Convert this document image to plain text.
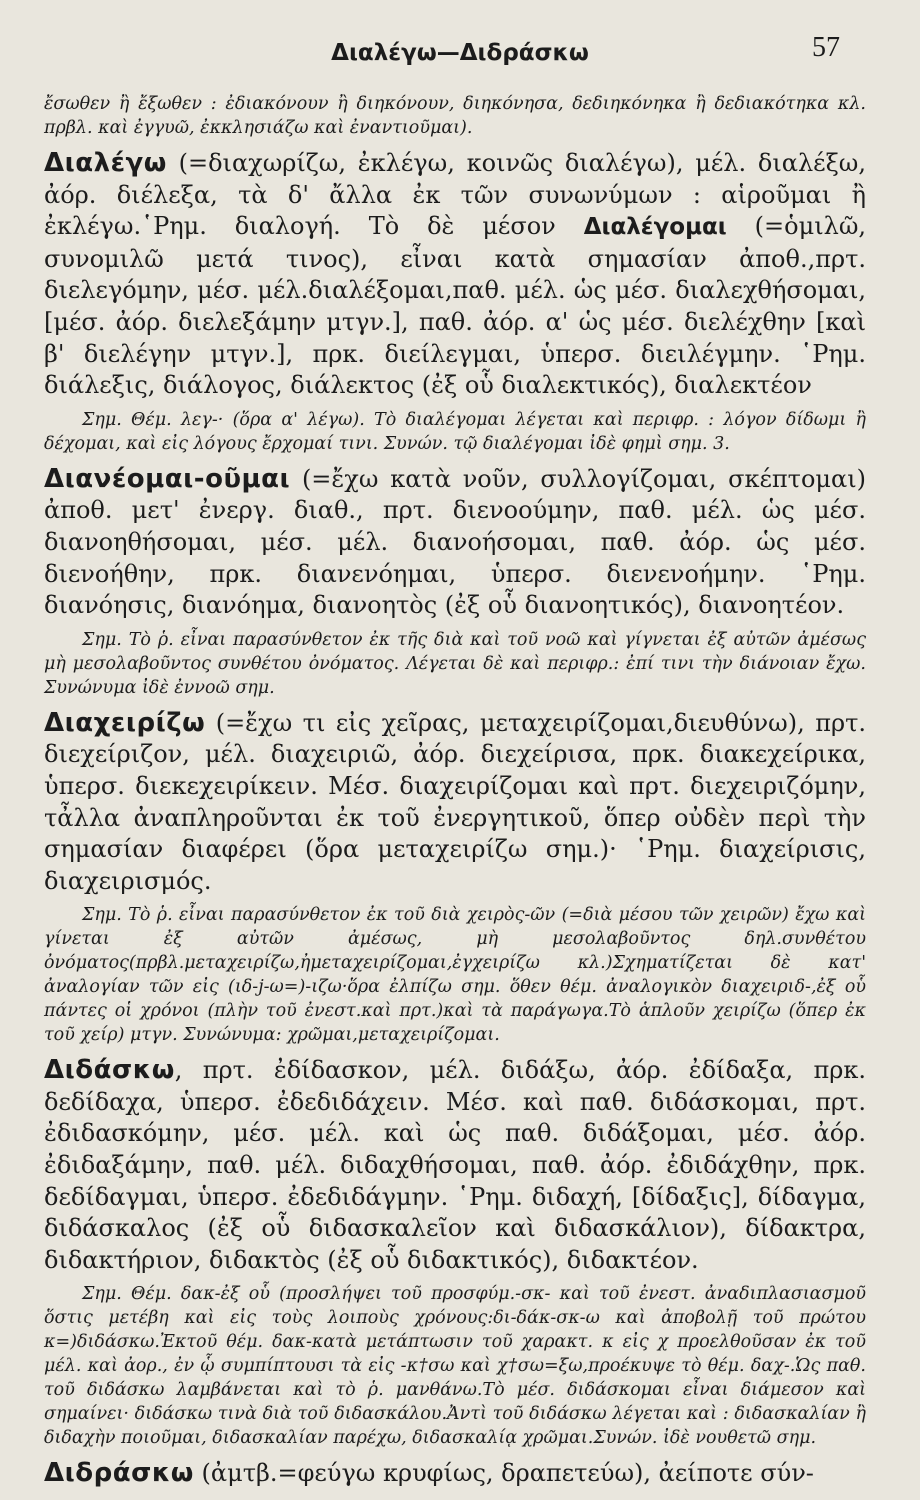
Διαλέγω—Διδράσκω	57

ἔσωθεν ἢ ἔξωθεν : ἐδιακόνουν ἢ διηκόνουν, διηκόνησα, δεδιηκόνηκα ἢ δεδιακότηκα κλ. πρβλ. καὶ ἐγγυῶ, ἐκκλησιάζω καὶ ἐναντιοῦμαι).

Διαλέγω (=διαχωρίζω, ἐκλέγω, κοινῶς διαλέγω), μέλ. διαλέξω, ἀόρ. διέλεξα, τὰ δ' ἄλλα ἐκ τῶν συνωνύμων : αἱροῦμαι ἢ ἐκλέγω.῾Ρημ. διαλογή. Τὸ δὲ μέσον Διαλέγομαι (=ὁμιλῶ, συνομιλῶ μετά τινος), εἶναι κατὰ σημασίαν ἀποθ.,πρτ. διελεγόμην, μέσ. μέλ.διαλέξομαι,παθ. μέλ. ὡς μέσ. διαλεχθήσομαι, [μέσ. ἀόρ. διελεξάμην μτγν.], παθ. ἀόρ. α' ὡς μέσ. διελέχθην [καὶ β' διελέγην μτγν.], πρκ. διείλεγμαι, ὑπερσ. διειλέγμην. ῾Ρημ. διάλεξις, διάλογος, διάλεκτος (ἐξ οὗ διαλεκτικός), διαλεκτέον

Σημ. Θέμ. λεγ-· (ὅρα α' λέγω). Τὸ διαλέγομαι λέγεται καὶ περιφρ. : λόγον δίδωμι ἢ δέχομαι, καὶ εἰς λόγους ἔρχομαί τινι. Συνών. τῷ διαλέγομαι ἰδὲ φημὶ σημ. 3.

Διανέομαι-οῦμαι (=ἔχω κατὰ νοῦν, συλλογίζομαι, σκέπτομαι) ἀποθ. μετ' ἐνεργ. διαθ., πρτ. διενοούμην, παθ. μέλ. ὡς μέσ. διανοηθήσομαι, μέσ. μέλ. διανοήσομαι, παθ. ἀόρ. ὡς μέσ. διενοήθην, πρκ. διανενόημαι, ὑπερσ. διενενοήμην. ῾Ρημ. διανόησις, διανόημα, διανοητὸς (ἐξ οὗ διανοητικός), διανοητέον.

Σημ. Τὸ ῥ. εἶναι παρασύνθετον ἐκ τῆς διὰ καὶ τοῦ νοῶ καὶ γίγνεται ἐξ αὐτῶν ἀμέσως μὴ μεσολαβοῦντος συνθέτου ὀνόματος. Λέγεται δὲ καὶ περιφρ.: ἐπί τινι τὴν διάνοιαν ἔχω. Συνώνυμα ἰδὲ ἐννοῶ σημ.

Διαχειρίζω (=ἔχω τι εἰς χεῖρας, μεταχειρίζομαι,διευθύνω), πρτ. διεχείριζον, μέλ. διαχειριῶ, ἀόρ. διεχείρισα, πρκ. διακεχείρικα, ὑπερσ. διεκεχειρίκειν. Μέσ. διαχειρίζομαι καὶ πρτ. διεχειριζόμην, τἆλλα ἀναπληροῦνται ἐκ τοῦ ἐνεργητικοῦ, ὅπερ οὐδὲν περὶ τὴν σημασίαν διαφέρει (ὅρα μεταχειρίζω σημ.)· ῾Ρημ. διαχείρισις, διαχειρισμός.

Σημ. Τὸ ῥ. εἶναι παρασύνθετον ἐκ τοῦ διὰ χειρὸς-ῶν (=διὰ μέσου τῶν χειρῶν) ἔχω καὶ γίνεται ἐξ αὐτῶν ἀμέσως, μὴ μεσολαβοῦντος δηλ.συνθέτου ὀνόματος(πρβλ.μεταχειρίζω,ἠμεταχειρίζομαι,ἐγχειρίζω κλ.)Σχηματίζεται δὲ κατ' ἀναλογίαν τῶν εἰς (ιδ-j-ω=)-ιζω·ὅρα ἐλπίζω σημ. ὅθεν θέμ. ἀναλογικὸν διαχειριδ-,ἐξ οὗ πάντες οἱ χρόνοι (πλὴν τοῦ ἐνεστ.καὶ πρτ.)καὶ τὰ παράγωγα.Τὸ ἁπλοῦν χειρίζω (ὅπερ ἐκ τοῦ χείρ) μτγν. Συνώνυμα: χρῶμαι,μεταχειρίζομαι.

Διδάσκω, πρτ. ἐδίδασκον, μέλ. διδάξω, ἀόρ. ἐδίδαξα, πρκ. δεδίδαχα, ὑπερσ. ἐδεδιδάχειν. Μέσ. καὶ παθ. διδάσκομαι, πρτ. ἐδιδασκόμην, μέσ. μέλ. καὶ ὡς παθ. διδάξομαι, μέσ. ἀόρ. ἐδιδαξάμην, παθ. μέλ. διδαχθήσομαι, παθ. ἀόρ. ἐδιδάχθην, πρκ. δεδίδαγμαι, ὑπερσ. ἐδεδιδάγμην. ῾Ρημ. διδαχή, [δίδαξις], δίδαγμα, διδάσκαλος (ἐξ οὗ διδασκαλεῖον καὶ διδασκάλιον), δίδακτρα, διδακτήριον, διδακτὸς (ἐξ οὗ διδακτικός), διδακτέον.

Σημ. Θέμ. δακ-ἐξ οὗ (προσλήψει τοῦ προσφύμ.-σκ- καὶ τοῦ ἐνεστ. ἀναδιπλασιασμοῦ ὅστις μετέβη καὶ εἰς τοὺς λοιποὺς χρόνους:δι-δάκ-σκ-ω καὶ ἀποβολῇ τοῦ πρώτου κ=)διδάσκω.Ἐκτοῦ θέμ. δακ-κατὰ μετάπτωσιν τοῦ χαρακτ. κ εἰς χ προελθοῦσαν ἐκ τοῦ μέλ. καὶ ἀορ., ἐν ᾧ συμπίπτουσι τὰ εἰς -κ†σω καὶ χ†σω=ξω,προέκυψε τὸ θέμ. δαχ-.Ὡς παθ. τοῦ διδάσκω λαμβάνεται καὶ τὸ ῥ. μανθάνω.Τὸ μέσ. διδάσκομαι εἶναι διάμεσον καὶ σημαίνει· διδάσκω τινὰ διὰ τοῦ διδασκάλου.Ἀντὶ τοῦ διδάσκω λέγεται καὶ : διδασκαλίαν ἢ διδαχὴν ποιοῦμαι, διδασκαλίαν παρέχω, διδασκαλίᾳ χρῶμαι.Συνών. ἰδὲ νουθετῶ σημ.

Διδράσκω (ἀμτβ.=φεύγω κρυφίως, δραπετεύω), ἀείποτε σύν-
